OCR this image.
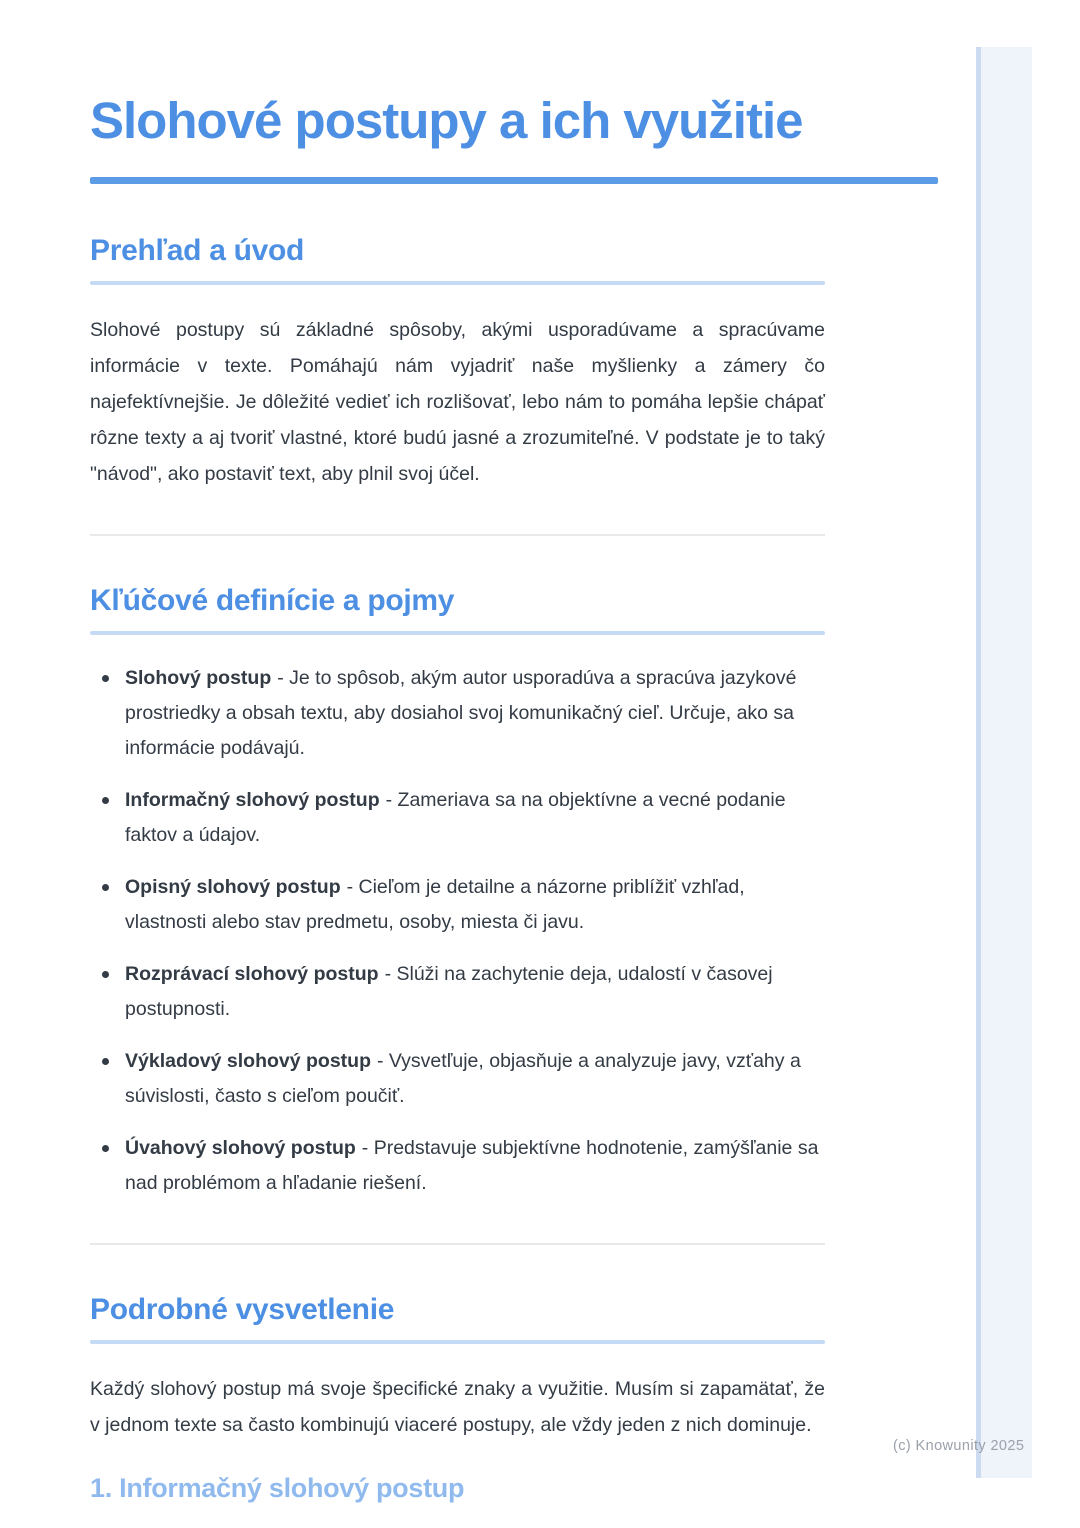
Slohové postupy a ich využitie
Prehľad a úvod

Slohové postupy sú základné spôsoby, akými usporadúvame a spracúvame informácie v texte. Pomáhajú nám vyjadriť naše myšlienky a zámery čo najefektívnejšie. Je dôležité vedieť ich rozlišovať, lebo nám to pomáha lepšie chápať rôzne texty a aj tvoriť vlastné, ktoré budú jasné a zrozumiteľné. V podstate je to taký "návod", ako postaviť text, aby plnil svoj účel.

Kľúčové definície a pojmy
Slohový postup - Je to spôsob, akým autor usporadúva a spracúva jazykové prostriedky a obsah textu, aby dosiahol svoj komunikačný cieľ. Určuje, ako sa informácie podávajú.
Informačný slohový postup - Zameriava sa na objektívne a vecné podanie faktov a údajov.
Opisný slohový postup - Cieľom je detailne a názorne priblížiť vzhľad, vlastnosti alebo stav predmetu, osoby, miesta či javu.
Rozprávací slohový postup - Slúži na zachytenie deja, udalostí v časovej postupnosti.
Výkladový slohový postup - Vysvetľuje, objasňuje a analyzuje javy, vzťahy a súvislosti, často s cieľom poučiť.
Úvahový slohový postup - Predstavuje subjektívne hodnotenie, zamýšľanie sa nad problémom a hľadanie riešení.
Podrobné vysvetlenie

Každý slohový postup má svoje špecifické znaky a využitie. Musím si zapamätať, že v jednom texte sa často kombinujú viaceré postupy, ale vždy jeden z nich dominuje.

1. Informačný slohový postup
(c) Knowunity 2025
